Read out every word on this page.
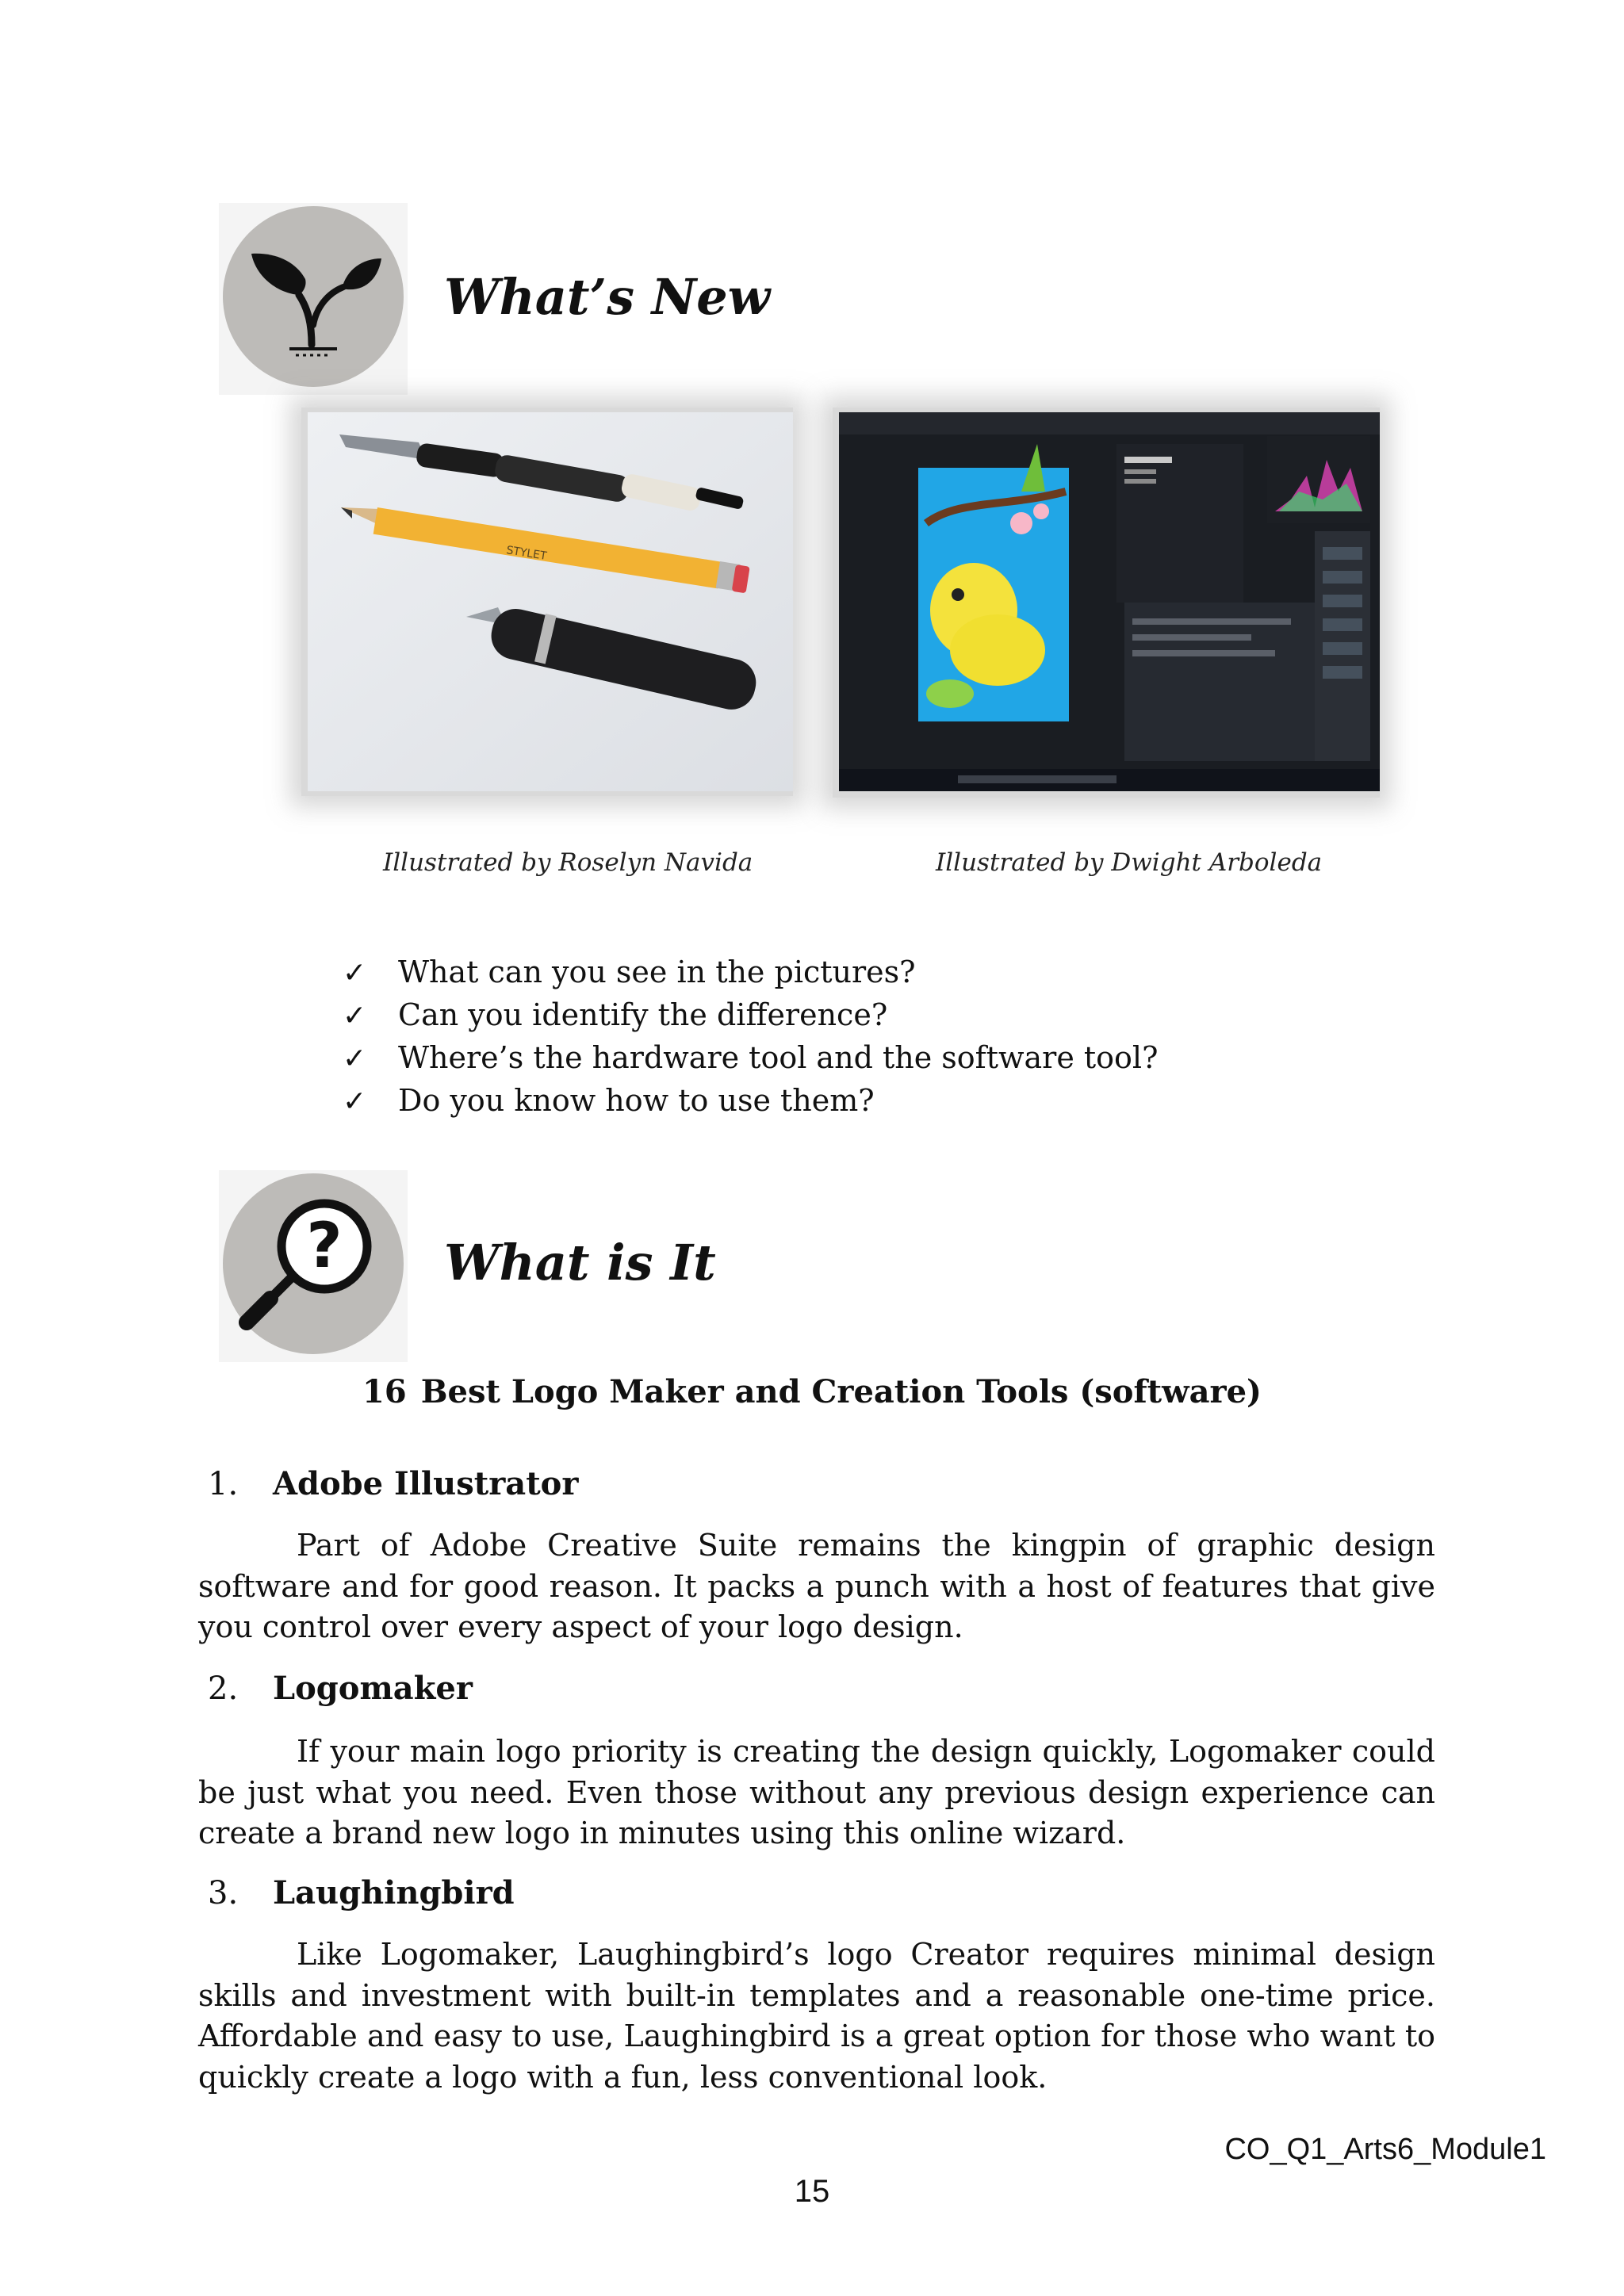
What’s New
STYLET
Illustrated by Roselyn Navida	Illustrated by Dwight Arboleda
✓	What can you see in the pictures?
✓	Can you identify the difference?
✓	Where’s the hardware tool and the software tool?
✓	Do you know how to use them?
? What is It
16 Best Logo Maker and Creation Tools (software)
1. Adobe Illustrator

Part of Adobe Creative Suite remains the kingpin of graphic design software and for good reason. It packs a punch with a host of features that give you control over every aspect of your logo design.

2. Logomaker

If your main logo priority is creating the design quickly, Logomaker could be just what you need. Even those without any previous design experience can create a brand new logo in minutes using this online wizard.

3. Laughingbird

Like Logomaker, Laughingbird’s logo Creator requires minimal design skills and investment with built-in templates and a reasonable one-time price. Affordable and easy to use, Laughingbird is a great option for those who want to quickly create a logo with a fun, less conventional look.

CO_Q1_Arts6_Module1
15
